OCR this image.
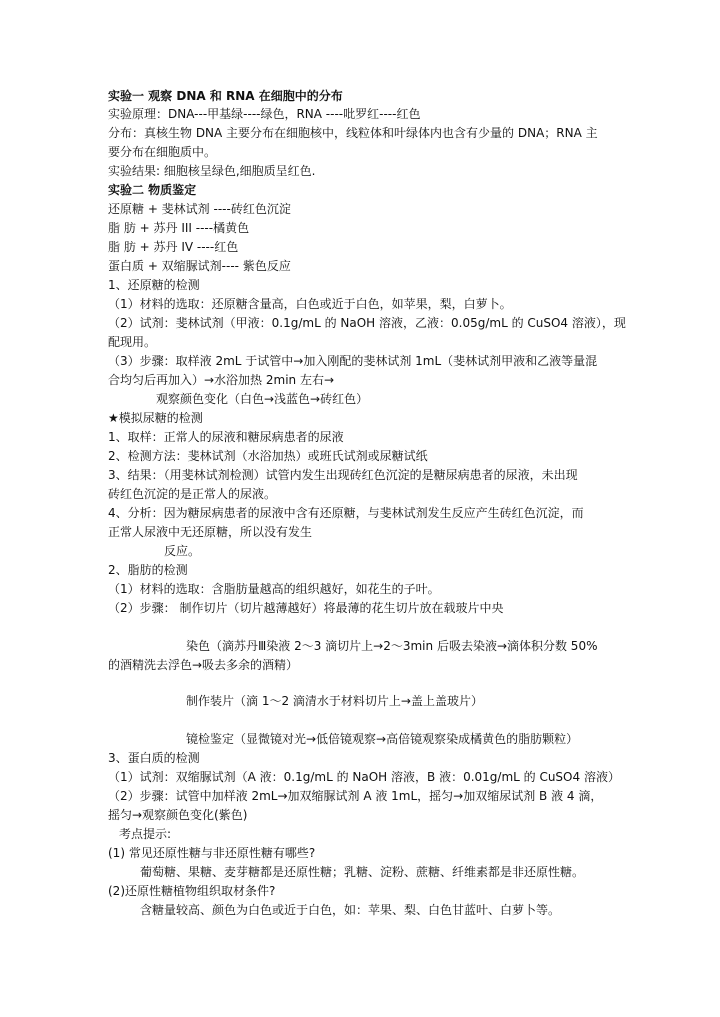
实验一 观察 DNA 和 RNA 在细胞中的分布
实验原理：DNA---甲基绿----绿色，RNA ----吡罗红----红色
分布：真核生物 DNA 主要分布在细胞核中，线粒体和叶绿体内也含有少量的 DNA；RNA 主
要分布在细胞质中。
实验结果: 细胞核呈绿色,细胞质呈红色.
实验二 物质鉴定
还原糖 + 斐林试剂 ----砖红色沉淀
脂 肪 + 苏丹 III ----橘黄色
脂 肪 + 苏丹 IV ----红色
蛋白质 + 双缩脲试剂---- 紫色反应
1、还原糖的检测
（1）材料的选取：还原糖含量高，白色或近于白色，如苹果，梨，白萝卜。
（2）试剂：斐林试剂（甲液：0.1g/mL 的 NaOH 溶液，乙液：0.05g/mL 的 CuSO4 溶液），现
配现用。
（3）步骤：取样液 2mL 于试管中→加入刚配的斐林试剂 1mL（斐林试剂甲液和乙液等量混
合均匀后再加入）→水浴加热 2min 左右→
观察颜色变化（白色→浅蓝色→砖红色）
★模拟尿糖的检测
1、取样：正常人的尿液和糖尿病患者的尿液
2、检测方法：斐林试剂（水浴加热）或班氏试剂或尿糖试纸
3、结果：（用斐林试剂检测）试管内发生出现砖红色沉淀的是糖尿病患者的尿液，未出现
砖红色沉淀的是正常人的尿液。
4、分析：因为糖尿病患者的尿液中含有还原糖，与斐林试剂发生反应产生砖红色沉淀，而
正常人尿液中无还原糖，所以没有发生
反应。
2、脂肪的检测
（1）材料的选取：含脂肪量越高的组织越好，如花生的子叶。
（2）步骤： 制作切片（切片越薄越好）将最薄的花生切片放在载玻片中央
染色（滴苏丹Ⅲ染液 2～3 滴切片上→2～3min 后吸去染液→滴体积分数 50%
的酒精洗去浮色→吸去多余的酒精）
制作装片（滴 1～2 滴清水于材料切片上→盖上盖玻片）
镜检鉴定（显微镜对光→低倍镜观察→高倍镜观察染成橘黄色的脂肪颗粒）
3、蛋白质的检测
（1）试剂：双缩脲试剂（A 液：0.1g/mL 的 NaOH 溶液，B 液：0.01g/mL 的 CuSO4 溶液）
（2）步骤：试管中加样液 2mL→加双缩脲试剂 A 液 1mL，摇匀→加双缩尿试剂 B 液 4 滴，
摇匀→观察颜色变化(紫色)
考点提示:
(1) 常见还原性糖与非还原性糖有哪些?
葡萄糖、果糖、麦芽糖都是还原性糖；乳糖、淀粉、蔗糖、纤维素都是非还原性糖。
(2)还原性糖植物组织取材条件?
含糖量较高、颜色为白色或近于白色，如：苹果、梨、白色甘蓝叶、白萝卜等。
